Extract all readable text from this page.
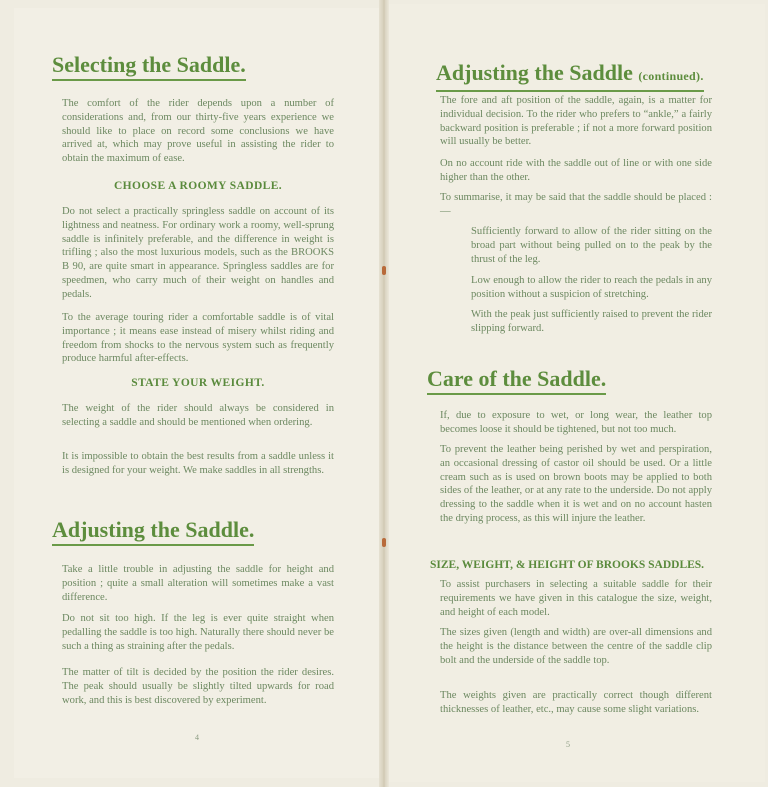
Selecting the Saddle.

The comfort of the rider depends upon a number of considerations and, from our thirty-five years experience we should like to place on record some conclusions we have arrived at, which may prove useful in assisting the rider to obtain the maximum of ease.

CHOOSE A ROOMY SADDLE.

Do not select a practically springless saddle on account of its lightness and neatness. For ordinary work a roomy, well-sprung saddle is infinitely preferable, and the difference in weight is trifling ; also the most luxurious models, such as the BROOKS B 90, are quite smart in appearance. Springless saddles are for speedmen, who carry much of their weight on handles and pedals.

To the average touring rider a comfortable saddle is of vital importance ; it means ease instead of misery whilst riding and freedom from shocks to the nervous system such as frequently produce harmful after-effects.

STATE YOUR WEIGHT.

The weight of the rider should always be considered in selecting a saddle and should be mentioned when ordering.

It is impossible to obtain the best results from a saddle unless it is designed for your weight. We make saddles in all strengths.

Adjusting the Saddle.

Take a little trouble in adjusting the saddle for height and position ; quite a small alteration will sometimes make a vast difference.

Do not sit too high. If the leg is ever quite straight when pedalling the saddle is too high. Naturally there should never be such a thing as straining after the pedals.

The matter of tilt is decided by the position the rider desires. The peak should usually be slightly tilted upwards for road work, and this is best discovered by experiment.

4

Adjusting the Saddle (continued).

The fore and aft position of the saddle, again, is a matter for individual decision. To the rider who prefers to “ankle,” a fairly backward position is preferable ; if not a more forward position will usually be better.

On no account ride with the saddle out of line or with one side higher than the other.

To summarise, it may be said that the saddle should be placed :—

Sufficiently forward to allow of the rider sitting on the broad part without being pulled on to the peak by the thrust of the leg.

Low enough to allow the rider to reach the pedals in any position without a suspicion of stretching.

With the peak just sufficiently raised to prevent the rider slipping forward.

Care of the Saddle.

If, due to exposure to wet, or long wear, the leather top becomes loose it should be tightened, but not too much.

To prevent the leather being perished by wet and perspiration, an occasional dressing of castor oil should be used. Or a little cream such as is used on brown boots may be applied to both sides of the leather, or at any rate to the underside. Do not apply dressing to the saddle when it is wet and on no account hasten the drying process, as this will injure the leather.

SIZE, WEIGHT, & HEIGHT OF BROOKS SADDLES.

To assist purchasers in selecting a suitable saddle for their requirements we have given in this catalogue the size, weight, and height of each model.

The sizes given (length and width) are over-all dimensions and the height is the distance between the centre of the saddle clip bolt and the underside of the saddle top.

The weights given are practically correct though different thicknesses of leather, etc., may cause some slight variations.

5
